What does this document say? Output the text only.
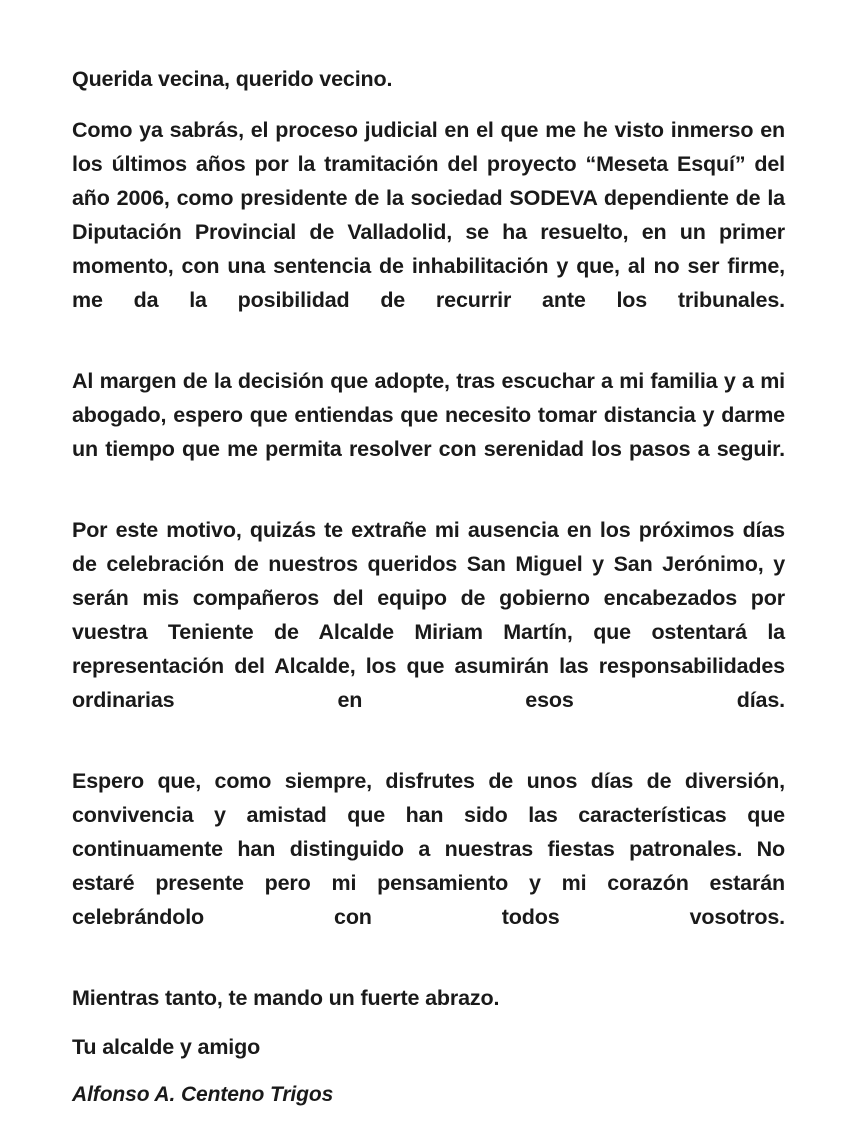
Querida vecina, querido vecino.

Como ya sabrás, el proceso judicial en el que me he visto inmerso en los últimos años por la tramitación del proyecto “Meseta Esquí” del año 2006, como presidente de la sociedad SODEVA dependiente de la Diputación Provincial de Valladolid, se ha resuelto, en un primer momento, con una sentencia de inhabilitación y que, al no ser firme, me da la posibilidad de recurrir ante los tribunales.

Al margen de la decisión que adopte, tras escuchar a mi familia y a mi abogado, espero que entiendas que necesito tomar distancia y darme un tiempo que me permita resolver con serenidad los pasos a seguir.

Por este motivo, quizás te extrañe mi ausencia en los próximos días de celebración de nuestros queridos San Miguel y San Jerónimo, y serán mis compañeros del equipo de gobierno encabezados por vuestra Teniente de Alcalde Miriam Martín, que ostentará la representación del Alcalde, los que asumirán las responsabilidades ordinarias en esos días.

Espero que, como siempre, disfrutes de unos días de diversión, convivencia y amistad que han sido las características que continuamente han distinguido a nuestras fiestas patronales. No estaré presente pero mi pensamiento y mi corazón estarán celebrándolo con todos vosotros.

Mientras tanto, te mando un fuerte abrazo.

Tu alcalde y amigo

Alfonso A. Centeno Trigos
